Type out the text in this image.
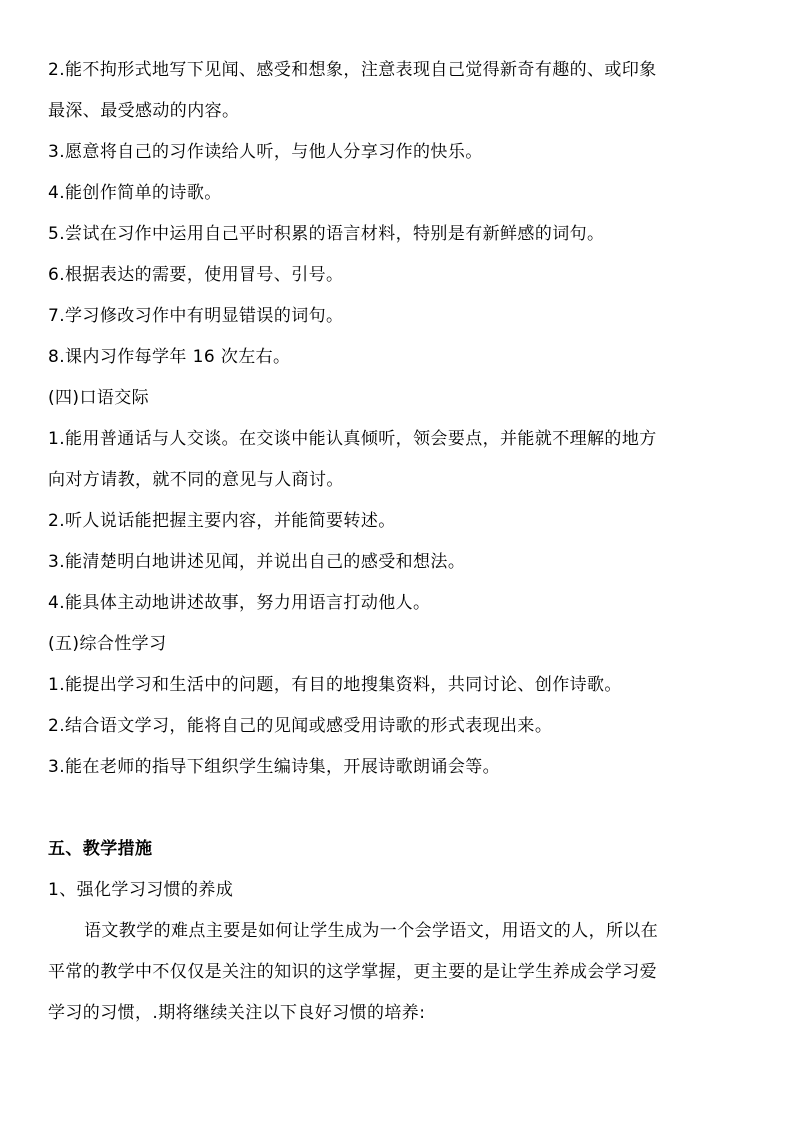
2.能不拘形式地写下见闻、感受和想象，注意表现自己觉得新奇有趣的、或印象
最深、最受感动的内容。
3.愿意将自己的习作读给人听，与他人分享习作的快乐。
4.能创作简单的诗歌。
5.尝试在习作中运用自己平时积累的语言材料，特别是有新鲜感的词句。
6.根据表达的需要，使用冒号、引号。
7.学习修改习作中有明显错误的词句。
8.课内习作每学年 16 次左右。
(四)口语交际
1.能用普通话与人交谈。在交谈中能认真倾听，领会要点，并能就不理解的地方
向对方请教，就不同的意见与人商讨。
2.听人说话能把握主要内容，并能简要转述。
3.能清楚明白地讲述见闻，并说出自己的感受和想法。
4.能具体主动地讲述故事，努力用语言打动他人。
(五)综合性学习
1.能提出学习和生活中的问题，有目的地搜集资料，共同讨论、创作诗歌。
2.结合语文学习，能将自己的见闻或感受用诗歌的形式表现出来。
3.能在老师的指导下组织学生编诗集，开展诗歌朗诵会等。
五、教学措施
1、强化学习习惯的养成
语文教学的难点主要是如何让学生成为一个会学语文，用语文的人，所以在
平常的教学中不仅仅是关注的知识的这学掌握，更主要的是让学生养成会学习爱
学习的习惯，.期将继续关注以下良好习惯的培养:
